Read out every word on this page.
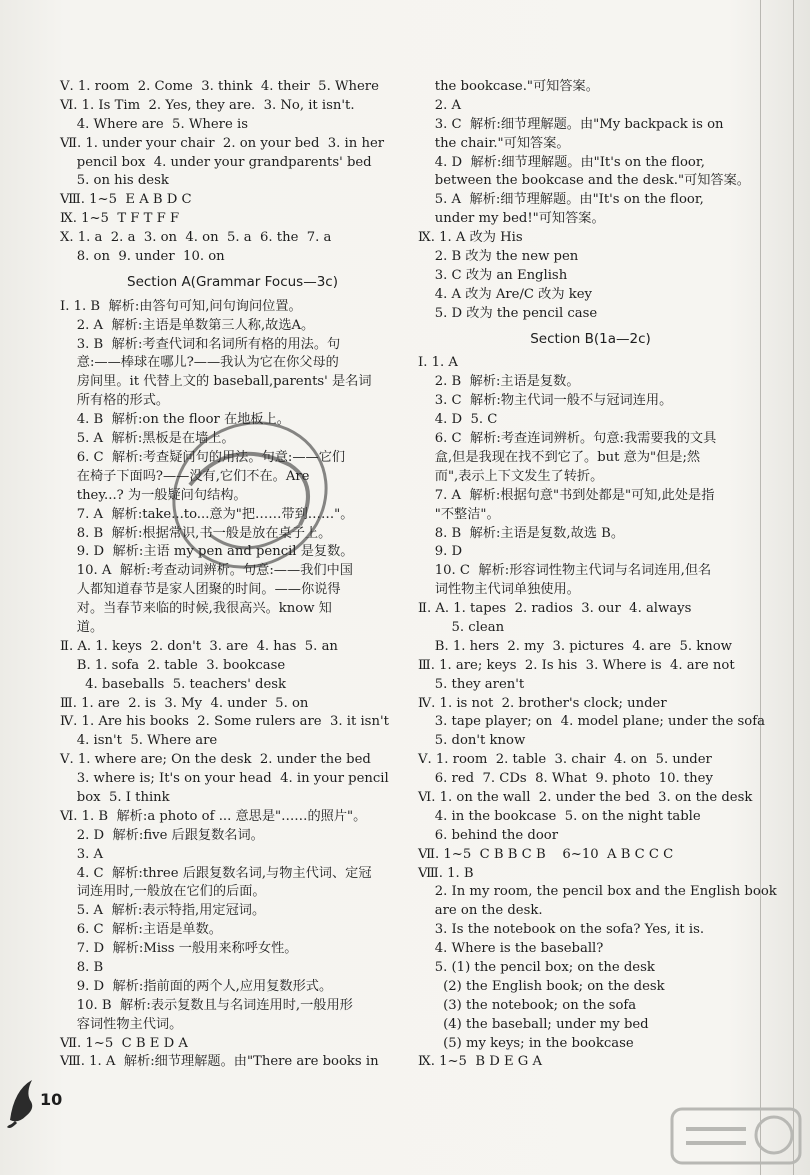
Ⅴ. 1. room  2. Come  3. think  4. their  5. Where
Ⅵ. 1. Is Tim  2. Yes, they are.  3. No, it isn't.
4. Where are  5. Where is
Ⅶ. 1. under your chair  2. on your bed  3. in her
pencil box  4. under your grandparents' bed
5. on his desk
Ⅷ. 1~5  E A B D C
Ⅸ. 1~5  T F T F F
Ⅹ. 1. a  2. a  3. on  4. on  5. a  6. the  7. a
8. on  9. under  10. on
Section A(Grammar Focus—3c)
Ⅰ. 1. B  解析:由答句可知,问句询问位置。
2. A  解析:主语是单数第三人称,故选A。
3. B  解析:考查代词和名词所有格的用法。句
意:——棒球在哪儿?——我认为它在你父母的
房间里。it 代替上文的 baseball,parents' 是名词
所有格的形式。
4. B  解析:on the floor 在地板上。
5. A  解析:黑板是在墙上。
6. C  解析:考查疑问句的用法。句意:——它们
在椅子下面吗?——没有,它们不在。Are
they...? 为一般疑问句结构。
7. A  解析:take...to...意为"把……带到……"。
8. B  解析:根据常识,书一般是放在桌子上。
9. D  解析:主语 my pen and pencil 是复数。
10. A  解析:考查动词辨析。句意:——我们中国
人都知道春节是家人团聚的时间。——你说得
对。当春节来临的时候,我很高兴。know 知
道。
Ⅱ. A. 1. keys  2. don't  3. are  4. has  5. an
B. 1. sofa  2. table  3. bookcase
4. baseballs  5. teachers' desk
Ⅲ. 1. are  2. is  3. My  4. under  5. on
Ⅳ. 1. Are his books  2. Some rulers are  3. it isn't
4. isn't  5. Where are
Ⅴ. 1. where are; On the desk  2. under the bed
3. where is; It's on your head  4. in your pencil
box  5. I think
Ⅵ. 1. B  解析:a photo of ... 意思是"……的照片"。
2. D  解析:five 后跟复数名词。
3. A
4. C  解析:three 后跟复数名词,与物主代词、定冠
词连用时,一般放在它们的后面。
5. A  解析:表示特指,用定冠词。
6. C  解析:主语是单数。
7. D  解析:Miss 一般用来称呼女性。
8. B
9. D  解析:指前面的两个人,应用复数形式。
10. B  解析:表示复数且与名词连用时,一般用形
容词性物主代词。
Ⅶ. 1~5  C B E D A
Ⅷ. 1. A  解析:细节理解题。由"There are books in
the bookcase."可知答案。
2. A
3. C  解析:细节理解题。由"My backpack is on
the chair."可知答案。
4. D  解析:细节理解题。由"It's on the floor,
between the bookcase and the desk."可知答案。
5. A  解析:细节理解题。由"It's on the floor,
under my bed!"可知答案。
Ⅸ. 1. A 改为 His
2. B 改为 the new pen
3. C 改为 an English
4. A 改为 Are/C 改为 key
5. D 改为 the pencil case
Section B(1a—2c)
Ⅰ. 1. A
2. B  解析:主语是复数。
3. C  解析:物主代词一般不与冠词连用。
4. D  5. C
6. C  解析:考查连词辨析。句意:我需要我的文具
盒,但是我现在找不到它了。but 意为"但是;然
而",表示上下文发生了转折。
7. A  解析:根据句意"书到处都是"可知,此处是指
"不整洁"。
8. B  解析:主语是复数,故选 B。
9. D
10. C  解析:形容词性物主代词与名词连用,但名
词性物主代词单独使用。
Ⅱ. A. 1. tapes  2. radios  3. our  4. always
5. clean
B. 1. hers  2. my  3. pictures  4. are  5. know
Ⅲ. 1. are; keys  2. Is his  3. Where is  4. are not
5. they aren't
Ⅳ. 1. is not  2. brother's clock; under
3. tape player; on  4. model plane; under the sofa
5. don't know
Ⅴ. 1. room  2. table  3. chair  4. on  5. under
6. red  7. CDs  8. What  9. photo  10. they
Ⅵ. 1. on the wall  2. under the bed  3. on the desk
4. in the bookcase  5. on the night table
6. behind the door
Ⅶ. 1~5  C B B C B    6~10  A B C C C
Ⅷ. 1. B
2. In my room, the pencil box and the English book
are on the desk.
3. Is the notebook on the sofa? Yes, it is.
4. Where is the baseball?
5. (1) the pencil box; on the desk
(2) the English book; on the desk
(3) the notebook; on the sofa
(4) the baseball; under my bed
(5) my keys; in the bookcase
Ⅸ. 1~5  B D E G A
10
